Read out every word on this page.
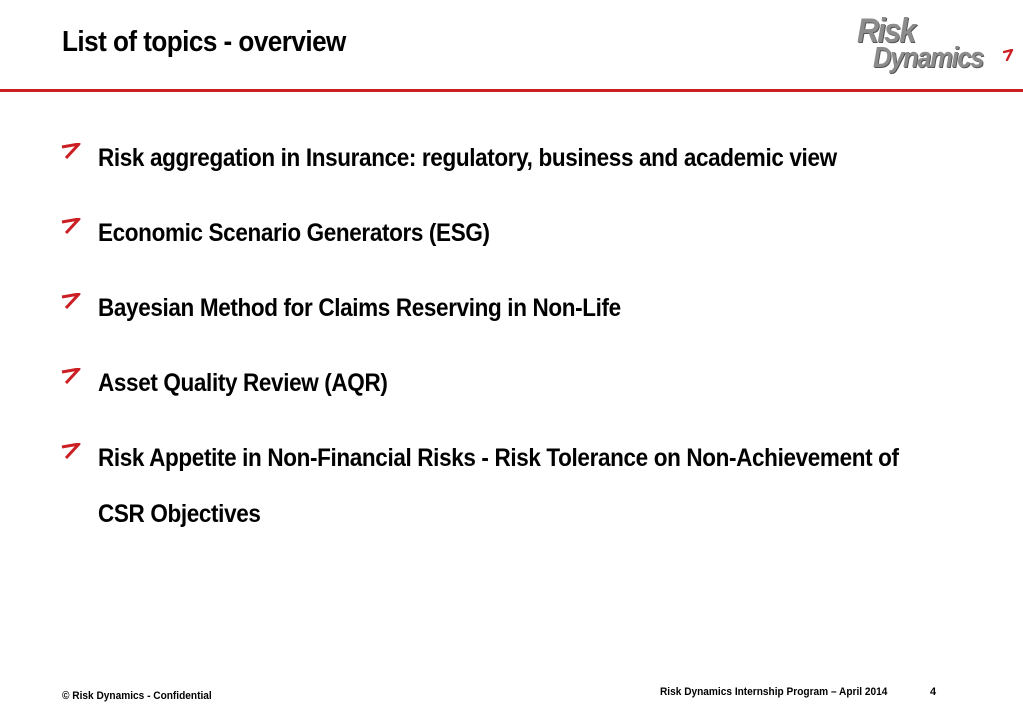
List of topics - overview	Risk
Dynamics
Risk aggregation in Insurance: regulatory, business and academic view
Economic Scenario Generators (ESG)
Bayesian Method for Claims Reserving in Non-Life
Asset Quality Review (AQR)
Risk Appetite in Non-Financial Risks - Risk Tolerance on Non-Achievement of CSR Objectives
© Risk Dynamics - Confidential	Risk Dynamics Internship Program – April 2014	4
